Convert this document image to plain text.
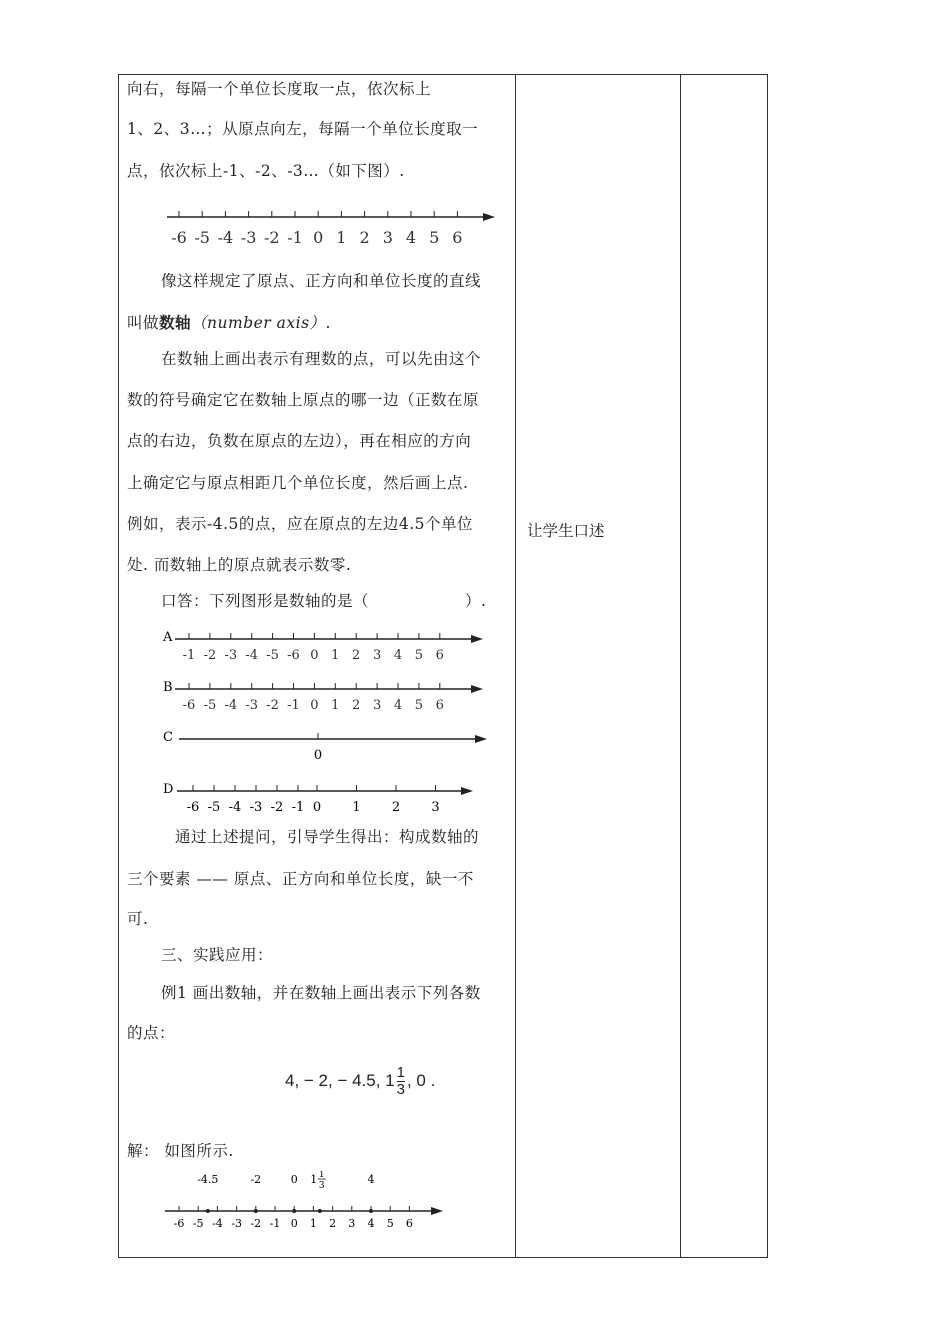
向右，每隔一个单位长度取一点，依次标上
1、2、3…；从原点向左，每隔一个单位长度取一
点，依次标上-1、-2、-3…（如下图）.
-6 -5 -4 -3 -2 -1 0 1 2 3 4 5 6
像这样规定了原点、正方向和单位长度的直线
叫做数轴（number axis）.
在数轴上画出表示有理数的点，可以先由这个
数的符号确定它在数轴上原点的哪一边（正数在原
点的右边，负数在原点的左边），再在相应的方向
上确定它与原点相距几个单位长度，然后画上点.
例如，表示-4.5的点，应在原点的左边4.5个单位
处. 而数轴上的原点就表示数零.
口答：下列图形是数轴的是（	）.
A
-1 -2 -3 -4 -5 -6 0 1 2 3 4 5 6
B
-6 -5 -4 -3 -2 -1 0 1 2 3 4 5 6
C
0
D
-6 -5 -4 -3 -2 -1 0 1 2 3
通过上述提问，引导学生得出：构成数轴的
三个要素 —— 原点、正方向和单位长度，缺一不
可.
三、实践应用：
例1 画出数轴，并在数轴上画出表示下列各数
的点：
4, − 2, − 4.5, $1 \frac{1}{3}$ , 0 .
解： 如图所示.
-6 -5 -4 -3 -2 -1 0 1 2 3 4 5 6
-4.5	-2	0	4
1 1
3
让学生口述
